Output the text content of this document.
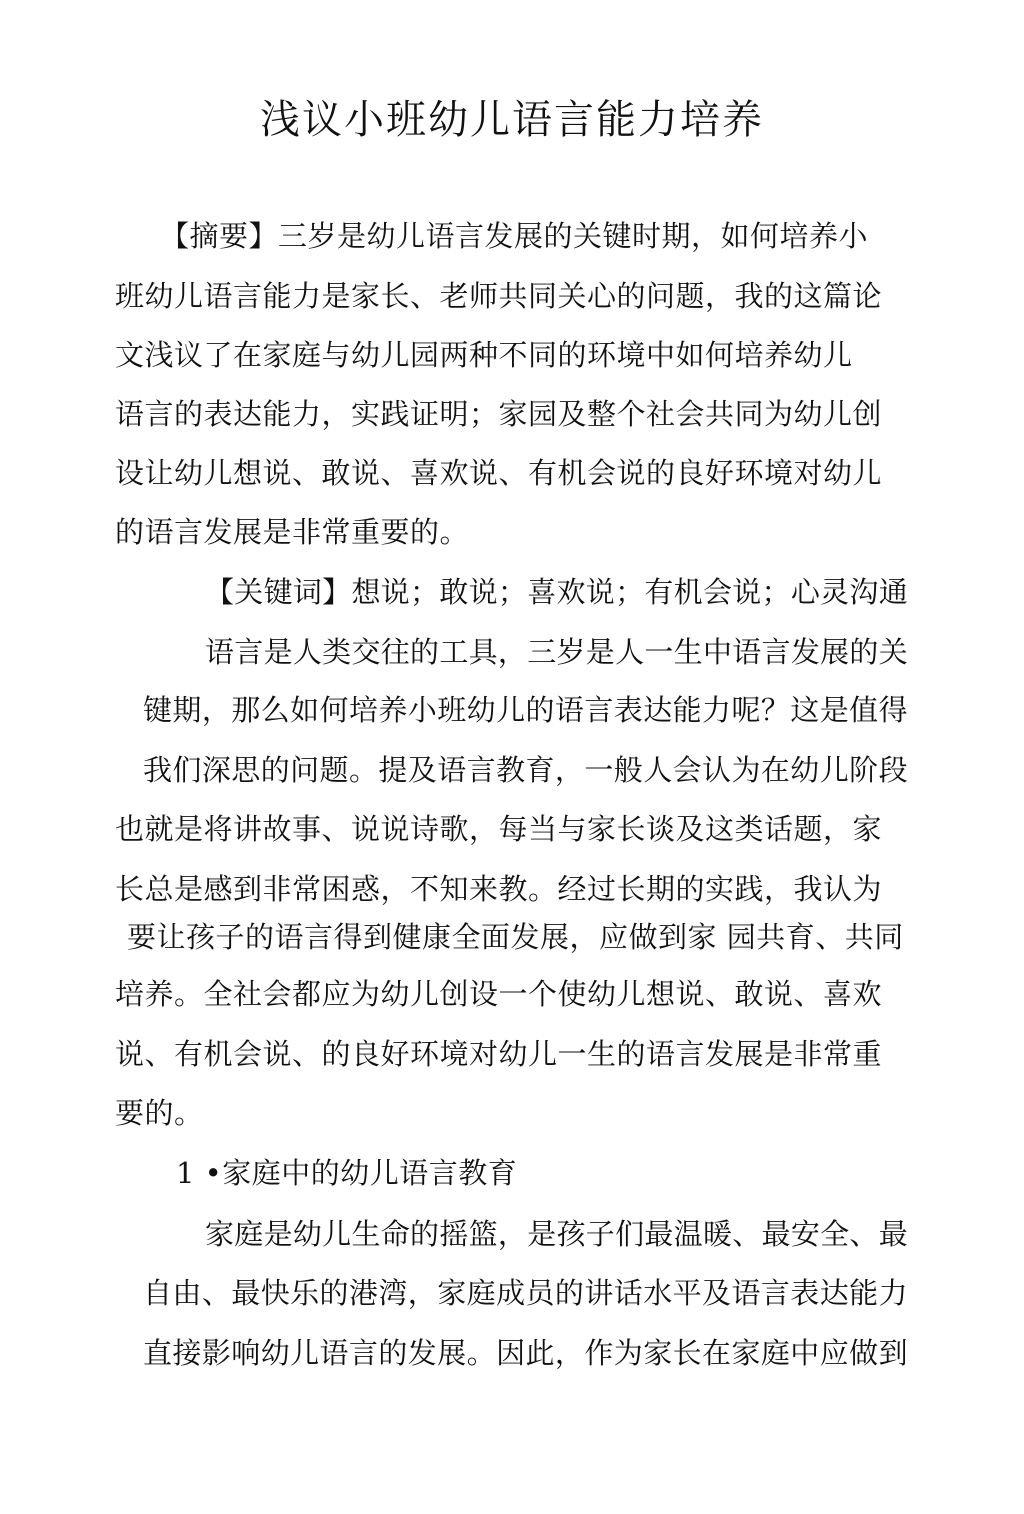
浅议小班幼儿语言能力培养
【摘要】三岁是幼儿语言发展的关键时期，如何培养小
班幼儿语言能力是家长、老师共同关心的问题，我的这篇论
文浅议了在家庭与幼儿园两种不同的环境中如何培养幼儿
语言的表达能力，实践证明；家园及整个社会共同为幼儿创
设让幼儿想说、敢说、喜欢说、有机会说的良好环境对幼儿
的语言发展是非常重要的。
【关键词】想说；敢说；喜欢说；有机会说；心灵沟通
语言是人类交往的工具，三岁是人一生中语言发展的关
键期，那么如何培养小班幼儿的语言表达能力呢？这是值得
我们深思的问题。提及语言教育，一般人会认为在幼儿阶段
也就是将讲故事、说说诗歌，每当与家长谈及这类话题，家
长总是感到非常困惑，不知来教。经过长期的实践，我认为
要让孩子的语言得到健康全面发展，应做到家 园共育、共同
培养。全社会都应为幼儿创设一个使幼儿想说、敢说、喜欢
说、有机会说、的良好环境对幼儿一生的语言发展是非常重
要的。
1 •家庭中的幼儿语言教育
家庭是幼儿生命的摇篮，是孩子们最温暖、最安全、最
自由、最快乐的港湾，家庭成员的讲话水平及语言表达能力
直接影响幼儿语言的发展。因此，作为家长在家庭中应做到
